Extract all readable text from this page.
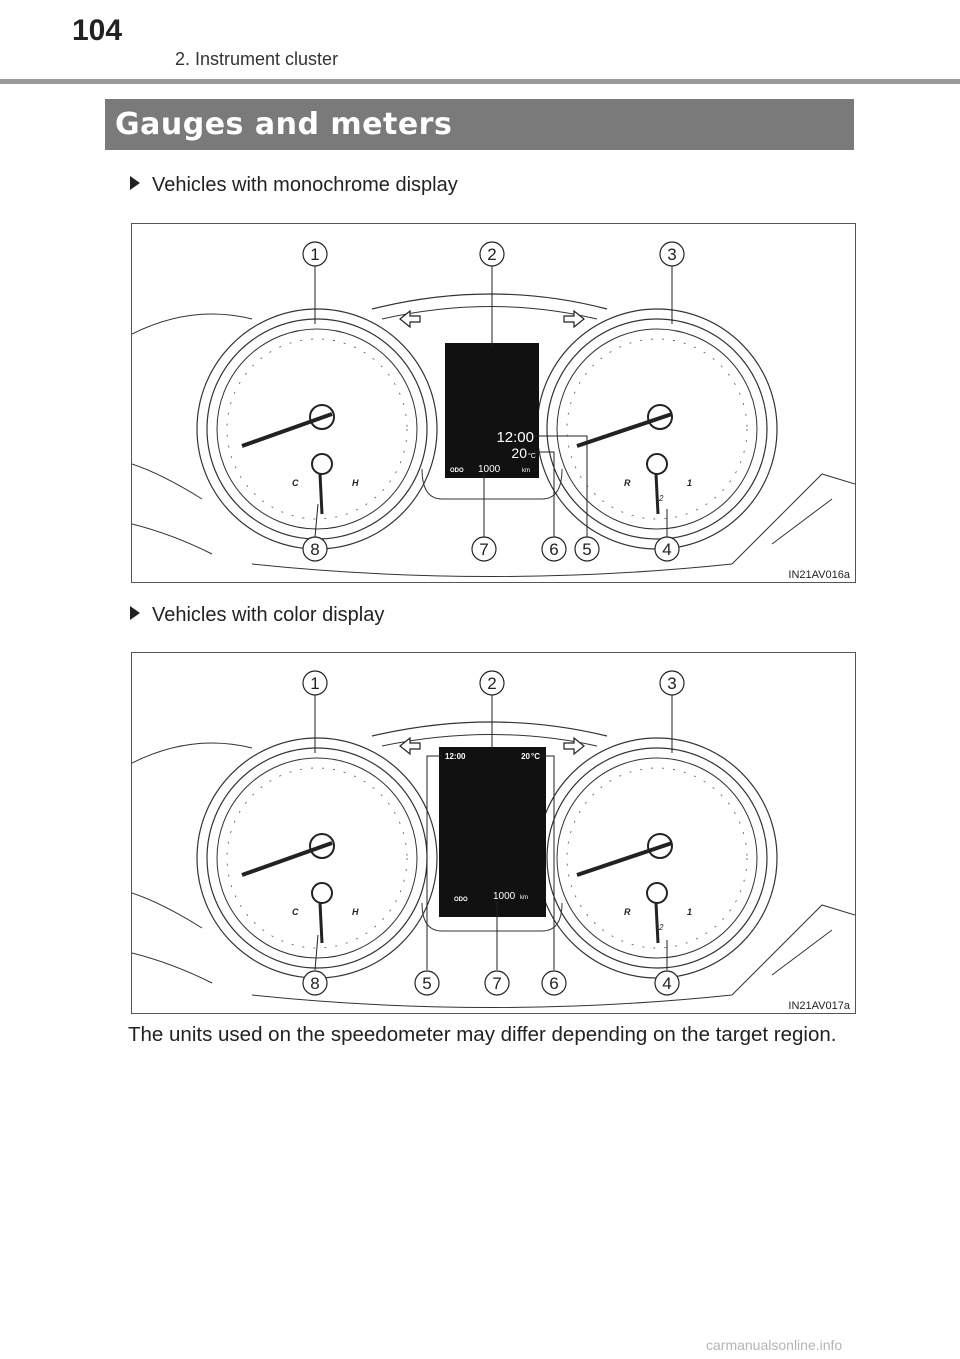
104
2. Instrument cluster
Gauges and meters
Vehicles with monochrome display
C	H	R	1
2
12:00
20 °C
ODO 1000	km
1	2	3
8	7	6 5	4
IN21AV016a
Vehicles with color display
C	H	R	1
2
12:00	20 °C
ODO	1000 km
1	2	3
8	5	7	6	4
IN21AV017a
The units used on the speedometer may differ depending on the target region.
carmanualsonline.info
